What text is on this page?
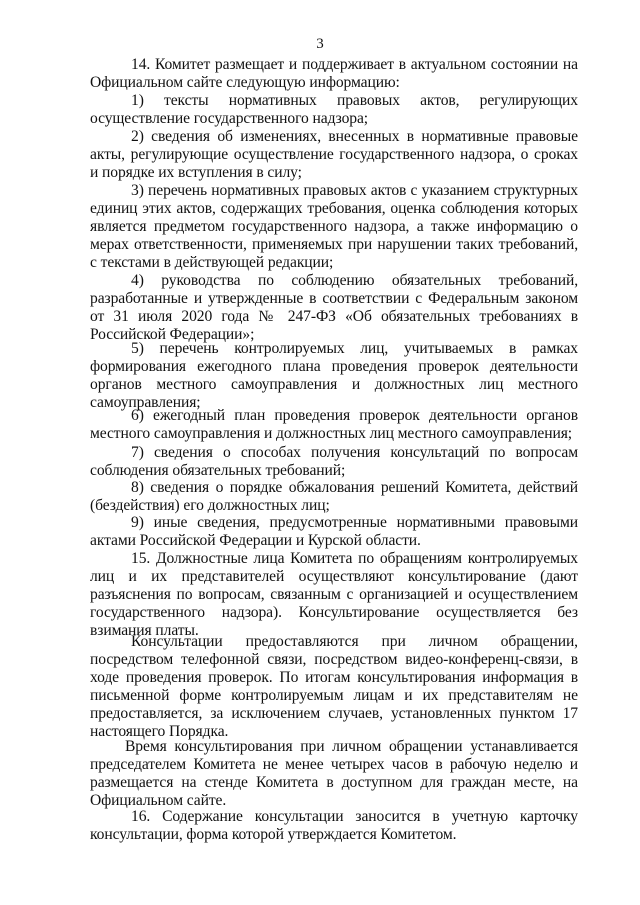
3

14. Комитет размещает и поддерживает в актуальном состоянии на Официальном сайте следующую информацию:

1) тексты нормативных правовых актов, регулирующих осуществление государственного надзора;

2) сведения об изменениях, внесенных в нормативные правовые акты, регулирующие осуществление государственного надзора, о сроках и порядке их вступления в силу;

3) перечень нормативных правовых актов с указанием структурных единиц этих актов, содержащих требования, оценка соблюдения которых является предметом государственного надзора, а также информацию о мерах ответственности, применяемых при нарушении таких требований, с текстами в действующей редакции;

4) руководства по соблюдению обязательных требований, разработанные и утвержденные в соответствии с Федеральным законом от 31 июля 2020 года № 247-ФЗ «Об обязательных требованиях в Российской Федерации»;

5) перечень контролируемых лиц, учитываемых в рамках формирования ежегодного плана проведения проверок деятельности органов местного самоуправления и должностных лиц местного самоуправления;

6) ежегодный план проведения проверок деятельности органов местного самоуправления и должностных лиц местного самоуправления;

7) сведения о способах получения консультаций по вопросам соблюдения обязательных требований;

8) сведения о порядке обжалования решений Комитета, действий (бездействия) его должностных лиц;

9) иные сведения, предусмотренные нормативными правовыми актами Российской Федерации и Курской области.

15. Должностные лица Комитета по обращениям контролируемых лиц и их представителей осуществляют консультирование (дают разъяснения по вопросам, связанным с организацией и осуществлением государственного надзора). Консультирование осуществляется без взимания платы.

Консультации предоставляются при личном обращении, посредством телефонной связи, посредством видео-конференц-связи, в ходе проведения проверок. По итогам консультирования информация в письменной форме контролируемым лицам и их представителям не предоставляется, за исключением случаев, установленных пунктом 17 настоящего Порядка.

Время консультирования при личном обращении устанавливается председателем Комитета не менее четырех часов в рабочую неделю и размещается на стенде Комитета в доступном для граждан месте, на Официальном сайте.

16. Содержание консультации заносится в учетную карточку консультации, форма которой утверждается Комитетом.
